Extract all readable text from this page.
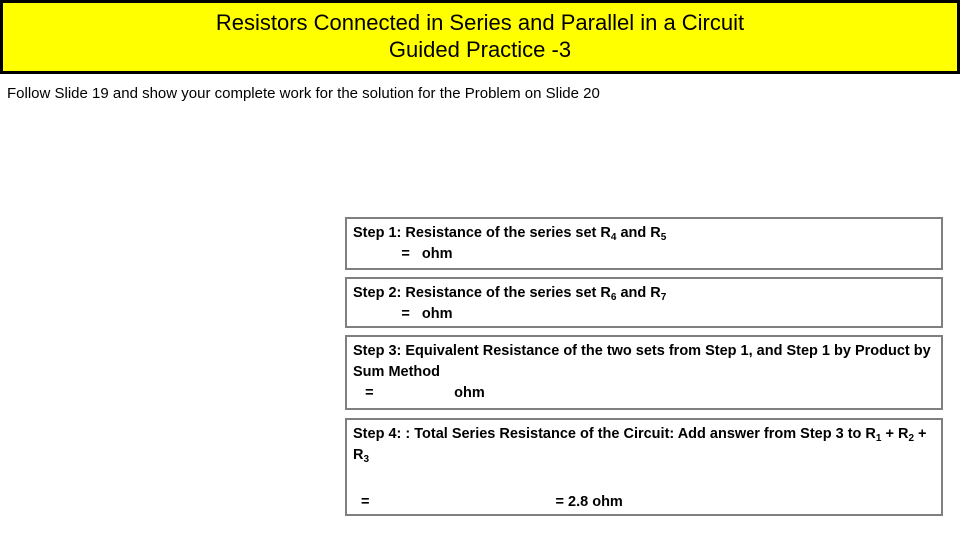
Resistors Connected in Series and Parallel in a Circuit
Guided Practice -3
Follow Slide 19 and show your complete work for the solution for the Problem on Slide 20
Step 1: Resistance of the series set $R_4$ and $R_5$
=   ohm
Step 2: Resistance of the series set $R_6$ and $R_7$
=   ohm
Step 3: Equivalent Resistance of the two sets from Step 1, and Step 1 by Product by Sum Method
=                    ohm
Step 4: : Total Series Resistance of the Circuit: Add answer from Step 3 to $R_1 + R_2 + R_3$
=	= 2.8 ohm
